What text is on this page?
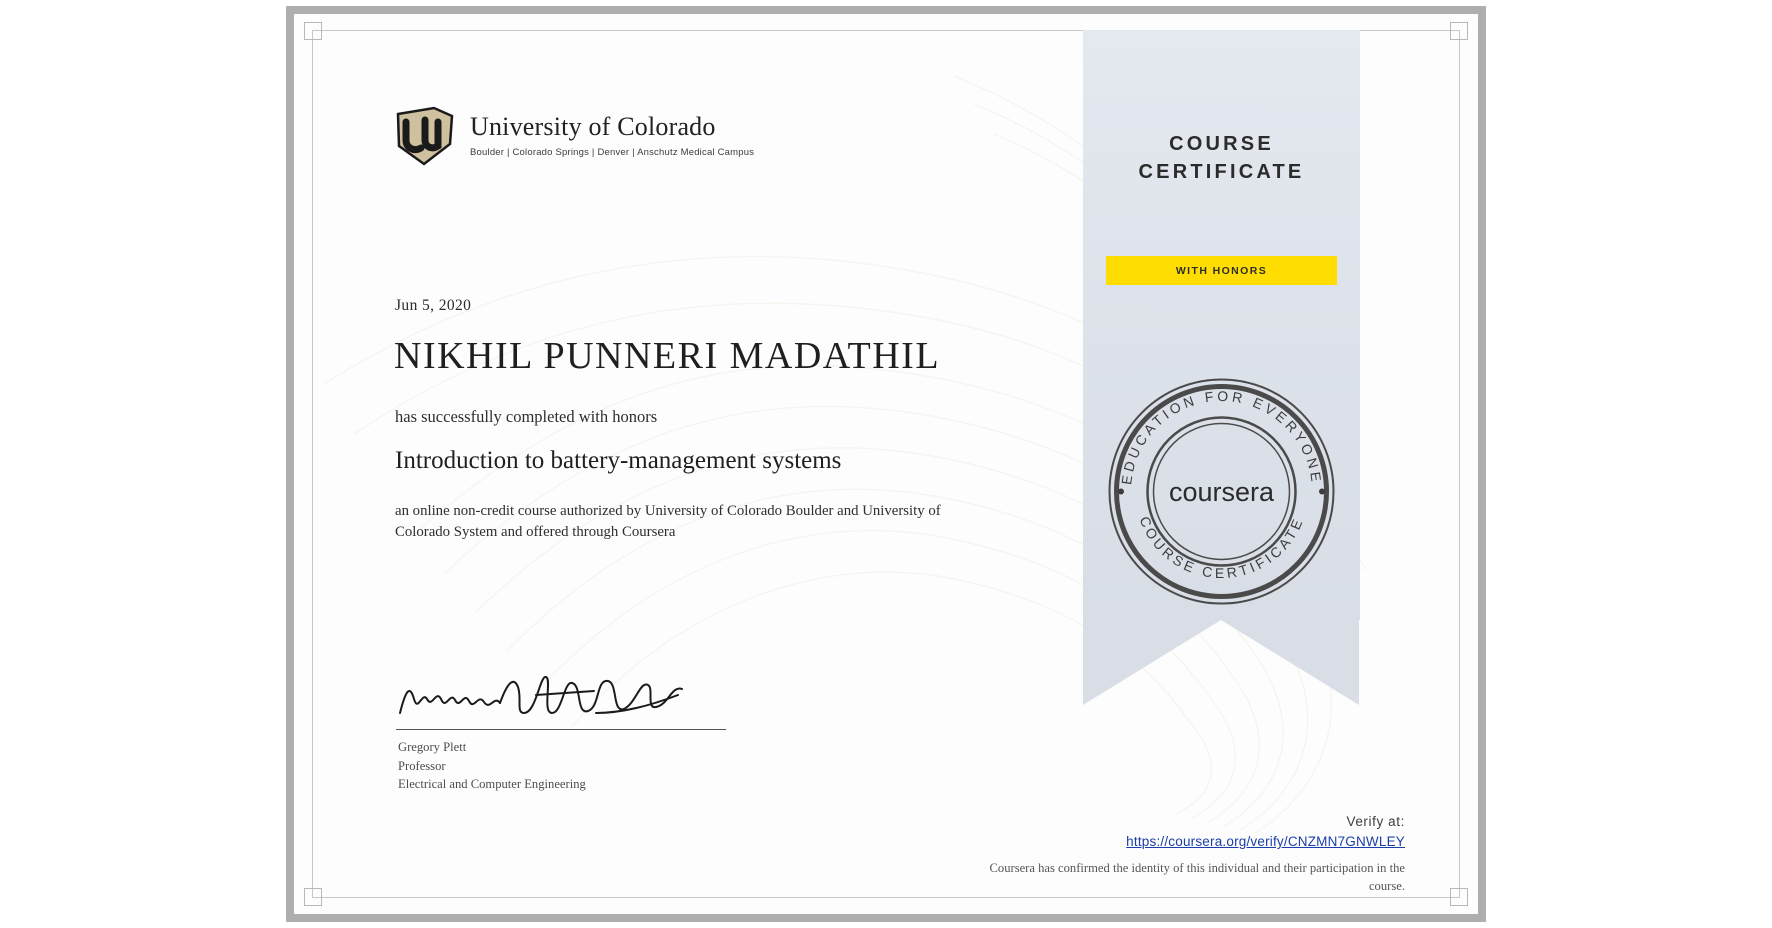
University of Colorado
Boulder | Colorado Springs | Denver | Anschutz Medical Campus
Jun 5, 2020
NIKHIL PUNNERI MADATHIL
has successfully completed with honors
Introduction to battery-management systems
an online non-credit course authorized by University of Colorado Boulder and University of Colorado System and offered through Coursera
Gregory Plett
Professor
Electrical and Computer Engineering
Verify at:
https://coursera.org/verify/CNZMN7GNWLEY
Coursera has confirmed the identity of this individual and their participation in the course.
COURSE
CERTIFICATE
WITH HONORS
EDUCATION FOR EVERYONE
COURSE CERTIFICATE
coursera
